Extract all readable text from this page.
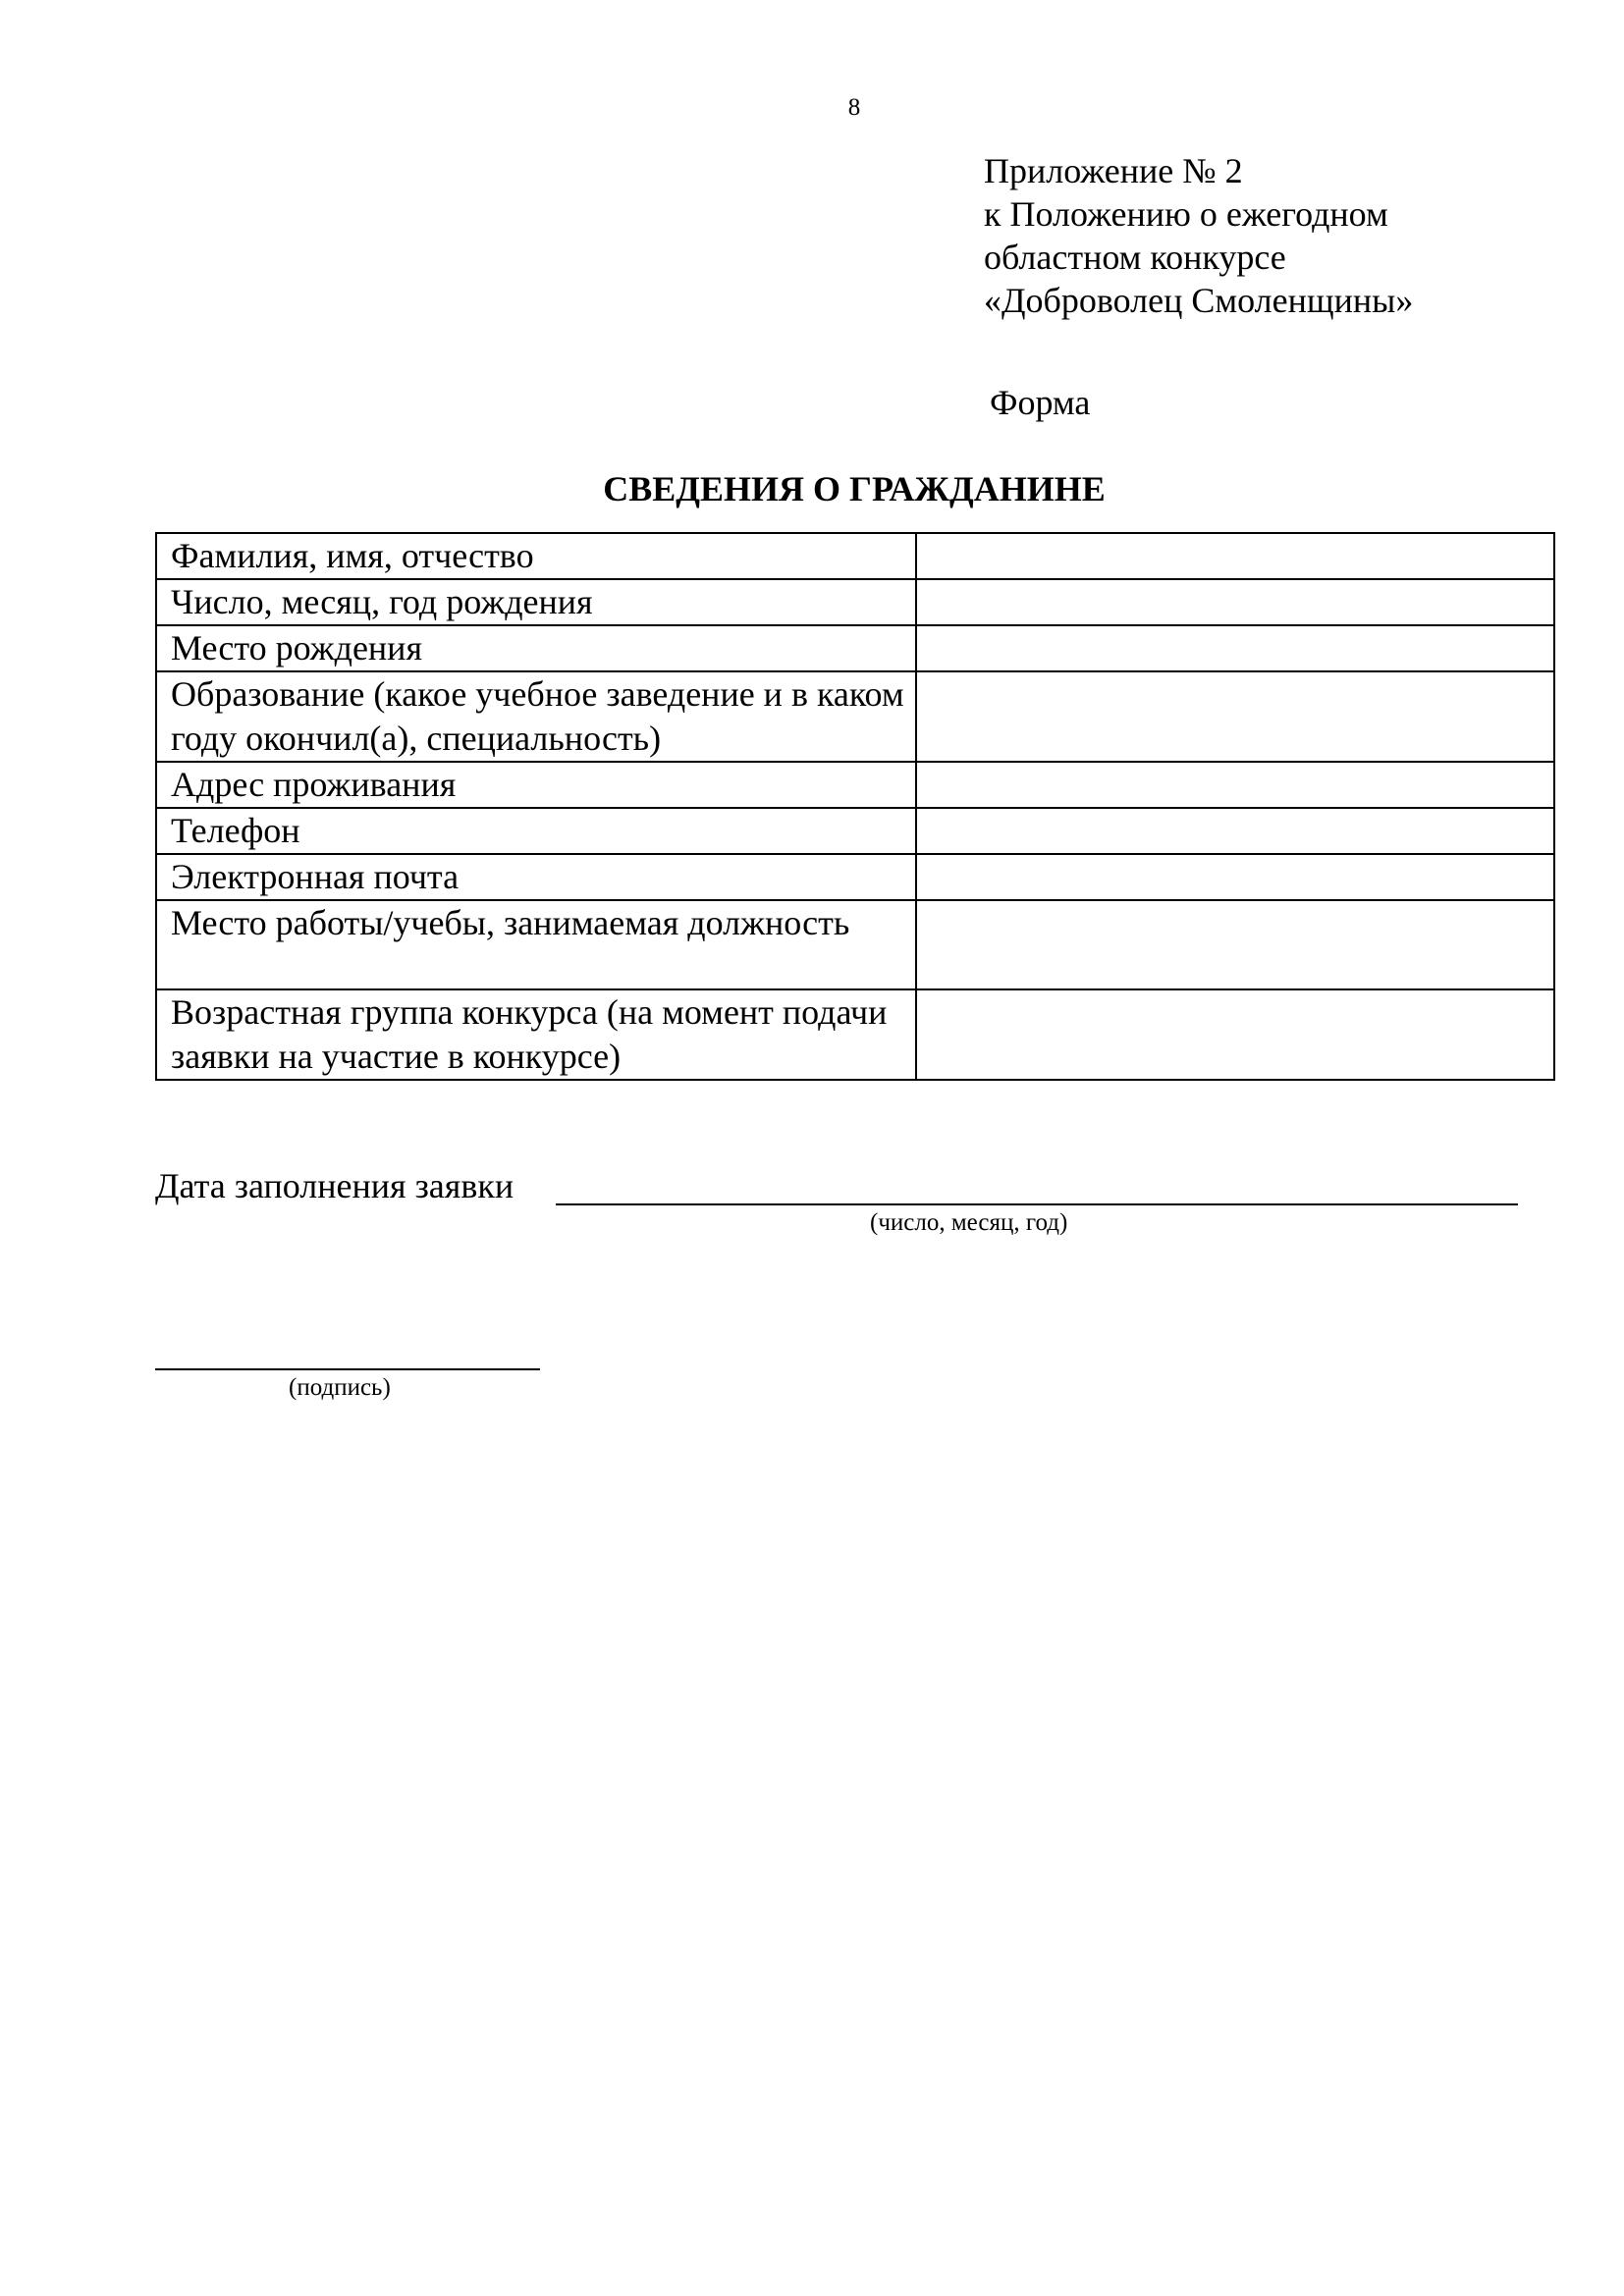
8
Приложение № 2
к Положению о ежегодном
областном конкурсе
«Доброволец Смоленщины»
Форма
СВЕДЕНИЯ О ГРАЖДАНИНЕ
Фамилия, имя, отчество	
Число, месяц, год рождения	
Место рождения	
Образование (какое учебное заведение и в каком году окончил(а), специальность)	
Адрес проживания	
Телефон	
Электронная почта	
Место работы/учебы, занимаемая должность	
Возрастная группа конкурса (на момент подачи заявки на участие в конкурсе)	
Дата заполнения заявки
(число, месяц, год)
(подпись)
